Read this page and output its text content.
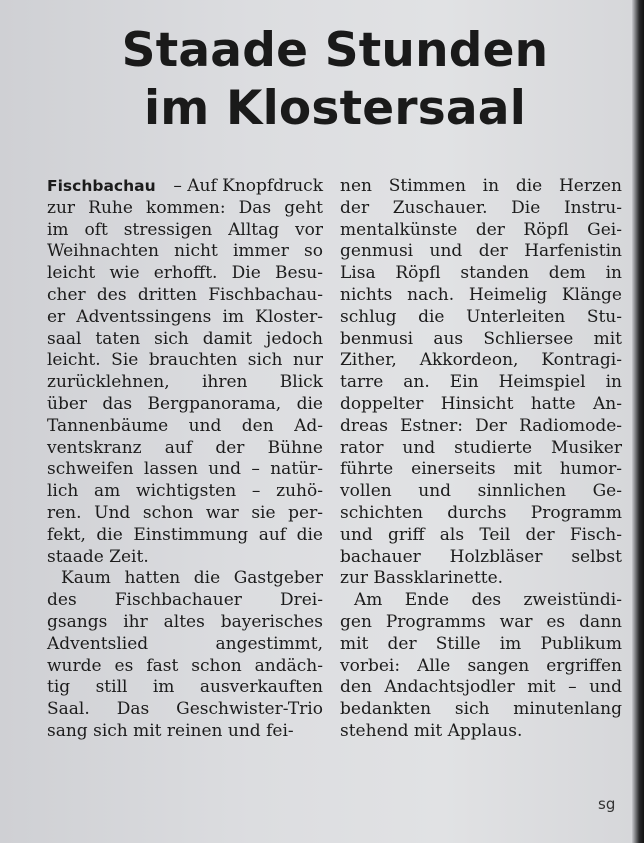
Staade Stunden
im Klostersaal
Fischbachau – Auf Knopfdruck
zur Ruhe kommen: Das geht
im oft stressigen Alltag vor
Weihnachten nicht immer so
leicht wie erhofft. Die Besu-
cher des dritten Fischbachau-
er Adventssingens im Kloster-
saal taten sich damit jedoch
leicht. Sie brauchten sich nur
zurücklehnen, ihren Blick
über das Bergpanorama, die
Tannenbäume und den Ad-
ventskranz auf der Bühne
schweifen lassen und – natür-
lich am wichtigsten – zuhö-
ren. Und schon war sie per-
fekt, die Einstimmung auf die
staade Zeit.
Kaum hatten die Gastgeber
des Fischbachauer Drei-
gsangs ihr altes bayerisches
Adventslied	angestimmt,
wurde es fast schon andäch-
tig still im ausverkauften
Saal. Das Geschwister-Trio
sang sich mit reinen und fei-
nen Stimmen in die Herzen
der Zuschauer. Die Instru-
mentalkünste der Röpfl Gei-
genmusi und der Harfenistin
Lisa Röpfl standen dem in
nichts nach. Heimelig Klänge
schlug die Unterleiten Stu-
benmusi aus Schliersee mit
Zither, Akkordeon, Kontragi-
tarre an. Ein Heimspiel in
doppelter Hinsicht hatte An-
dreas Estner: Der Radiomode-
rator und studierte Musiker
führte einerseits mit humor-
vollen und sinnlichen Ge-
schichten durchs Programm
und griff als Teil der Fisch-
bachauer Holzbläser selbst
zur Bassklarinette.
Am Ende des zweistündi-
gen Programms war es dann
mit der Stille im Publikum
vorbei: Alle sangen ergriffen
den Andachtsjodler mit – und
bedankten sich minutenlang
stehend mit Applaus.
sg
